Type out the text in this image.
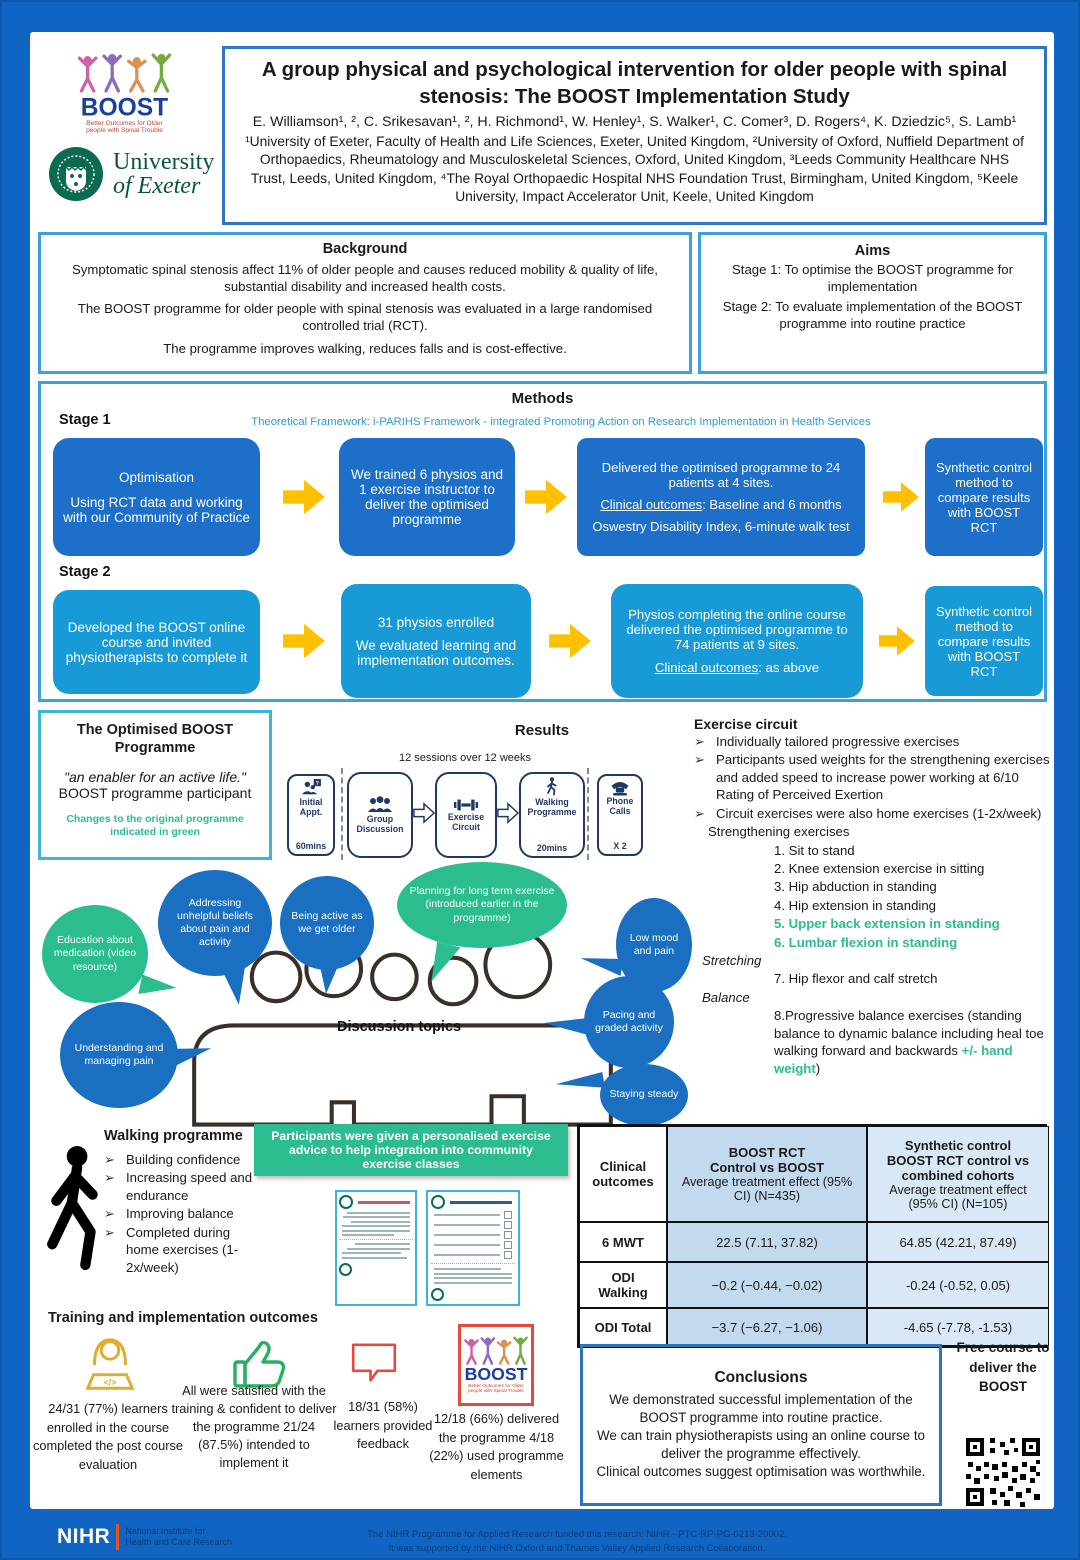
BOOST
Better Outcomes for Older
people with Spinal Trouble
University
of Exeter
A group physical and psychological intervention for older people with spinal stenosis: The BOOST Implementation Study
E. Williamson¹, ², C. Srikesavan¹, ², H. Richmond¹, W. Henley¹, S. Walker¹, C. Comer³, D. Rogers⁴, K. Dziedzic⁵, S. Lamb¹
¹University of Exeter, Faculty of Health and Life Sciences, Exeter, United Kingdom, ²University of Oxford, Nuffield Department of Orthopaedics, Rheumatology and Musculoskeletal Sciences, Oxford, United Kingdom, ³Leeds Community Healthcare NHS Trust, Leeds, United Kingdom, ⁴The Royal Orthopaedic Hospital NHS Foundation Trust, Birmingham, United Kingdom, ⁵Keele University, Impact Accelerator Unit, Keele, United Kingdom
Background
Symptomatic spinal stenosis affect 11% of older people and causes reduced mobility & quality of life, substantial disability and increased health costs.
The BOOST programme for older people with spinal stenosis was evaluated in a large randomised controlled trial (RCT).
The programme improves walking, reduces falls and is cost-effective.
Aims
Stage 1: To optimise the BOOST programme for implementation
Stage 2: To evaluate implementation of the BOOST programme into routine practice
Methods
Stage 1	Theoretical Framework: i-PARIHS Framework - integrated Promoting Action on Research Implementation in Health Services
Optimisation
Using RCT data and working with our Community of Practice
We trained 6 physios and 1 exercise instructor to deliver the optimised programme
Delivered the optimised programme to 24 patients at 4 sites.
Clinical outcomes: Baseline and 6 months
Oswestry Disability Index, 6-minute walk test
Synthetic control method to compare results with BOOST RCT
Stage 2
Developed the BOOST online course and invited physiotherapists to complete it
31 physios enrolled
We evaluated learning and implementation outcomes.
Physios completing the online course delivered the optimised programme to 74 patients at 9 sites.
Clinical outcomes: as above
Synthetic control method to compare results with BOOST RCT
The Optimised BOOST Programme
"an enabler for an active life."
BOOST programme participant
Changes to the original programme indicated in green
Results
12 sessions over 12 weeks
?
Initial Appt.
60mins
Group Discussion
Exercise Circuit
Walking Programme
20mins
Phone Calls
X 2
Exercise circuit
➢ Individually tailored progressive exercises
➢ Participants used weights for the strengthening exercises and added speed to increase power working at 6/10 Rating of Perceived Exertion
➢ Circuit exercises were also home exercises (1-2x/week)
Strengthening exercises
1. Sit to stand
2. Knee extension exercise in sitting
3. Hip abduction in standing
4. Hip extension in standing
5. Upper back extension in standing
6. Lumbar flexion in standing
Stretching
7. Hip flexor and calf stretch
Balance
8.Progressive balance exercises (standing balance to dynamic balance including heal toe walking forward and backwards +/- hand weight)
Discussion topics
Education about medication (video resource)
Understanding and managing pain
Addressing unhelpful beliefs about pain and activity
Being active as we get older
Planning for long term exercise (introduced earlier in the programme)
Low mood and pain
Pacing and graded activity
Staying steady
Walking programme
➢ Building confidence
➢ Increasing speed and endurance
➢ Improving balance
➢ Completed during home exercises (1-2x/week)
Participants were given a personalised exercise advice to help integration into community exercise classes	Clinical outcomes
BOOST RCT
Control vs BOOST
Average treatment effect (95% CI) (N=435)
Synthetic control
BOOST RCT control vs combined cohorts
Average treatment effect (95% CI) (N=105)
6 MWT	22.5 (7.11, 37.82)	64.85 (42.21, 87.49)
ODI Walking	−0.2 (−0.44, −0.02)	-0.24 (-0.52, 0.05)
ODI Total	−3.7 (−6.27, −1.06)	-4.65 (-7.78, -1.53)
Training and implementation outcomes
</>
24/31 (77%) learners enrolled in the course completed the post course evaluation
All were satisfied with the training & confident to deliver the programme 21/24 (87.5%) intended to implement it
18/31 (58%) learners provided feedback
BOOST
Better Outcomes for Older
people with Spinal Trouble
12/18 (66%) delivered the programme 4/18 (22%) used programme elements
Conclusions
We demonstrated successful implementation of the BOOST programme into routine practice.
We can train physiotherapists using an online course to deliver the programme effectively.
Clinical outcomes suggest optimisation was worthwhile.
Free course to deliver the BOOST
NIHR National Institute for
Health and Care Research
The NIHR Programme for Applied Research funded this research: NIHR - PTC-RP-PG-0213-20002.
It was supported by the NIHR Oxford and Thames Valley Applied Research Collaboration.
